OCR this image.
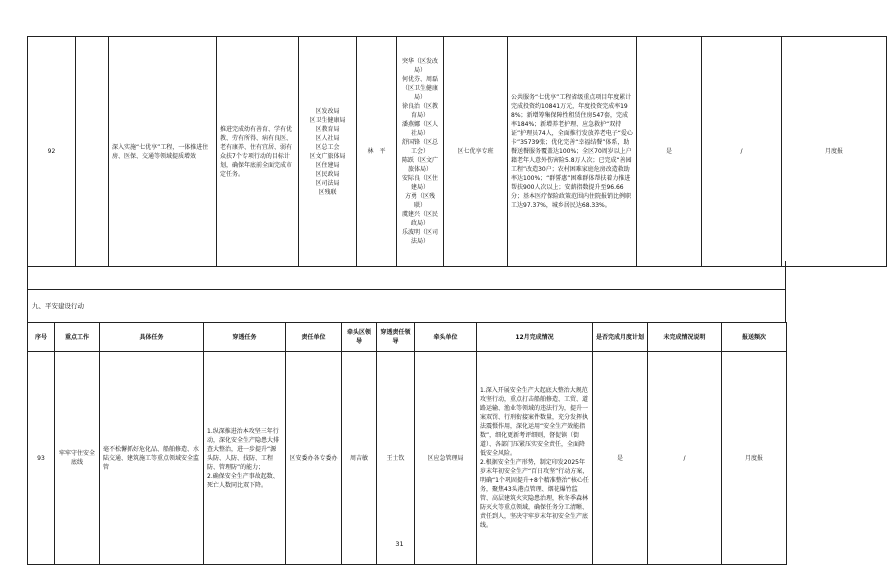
92		深入实施“七优享”工程，一体推进住房、医保、交通等领域提质增效	推进完成幼有善育、学有优教、劳有所得、病有良医、老有康养、住有宜居、弱有众扶7个专项行动的目标计划，确保年底前全面完成市定任务。	区发改局
区卫生健康局
区教育局
区人社局
区总工会
区文广旅体局
区住建局
区民政局
区司法局
区残联	林　平	突华（区发改局）
何优芬、周磊（区卫生健康局）
徐良治（区教育局）
潘燕娜（区人社局）
舒国锋（区总工会）
陈跃（区文广旅体局）
安际良（区住建局）
方勇（区残联）
虞建兴（区民政局）
乐波明（区司法局）	区七优享专班	公共服务“七优享”工程省级重点项目年度累计完成投资约10841万元，年度投资完成率198%；新增筹集保障性租赁住房547套，完成率184%；新增养老护理、应急救护“双持证”护理员74人，全面推行发放养老电子“爱心卡”35739张；优化完善“幸福结餐”体系，助餐送餐服务覆盖达100%；全区70周岁以上户籍老年人意外伤害险5.8万人次；已完成“善园工程”改造30户；农村困难家庭危房改造救助率达100%；“群誓惠”困难群体帮扶着力推进帮扶900人次以上；安薪指数提升至96.66分；基本医疗保险政策范围内住院报销比例职工达97.37%，城乡居民达68.33%。	是	/	月度报
九、平安建设行动
序号	重点工作	具体任务	穿透任务	责任单位	牵头区领导	穿透责任领导	牵头单位	12月完成情况	是否完成月度计划	未完成情况说明	报送频次
93	牢牢守住安全底线	毫不松懈抓好危化品、船舶修造、水陆交通、建筑施工等重点领域安全监管	1.纵深推进治本攻坚三年行动，深化安全生产隐患大排查大整治，进一步提升“源头防、人防、技防、工程防、管理防”的能力；
2.确保安全生产事故起数、死亡人数同比双下降。	区安委办各专委办	周吉敏	王士钦	区应急管理局	1.深入开展安全生产大起底大整治大规范攻坚行动，重点打击船舶修造、工贸、道路运输、渔业等领域的违法行为，提升一案双罚、行刑衔接案件数量，充分发挥执法震慑作用，深化运用“安全生产效能指数”，细化更新考评细则，督促镇（街道）、各部门压紧压实安全责任，全面降低安全风险。
2.根据安全生产形势，制定印发2025年岁末年初安全生产“百日攻坚”行动方案，明确“1个巩固提升+8个精准整治”核心任务，聚焦43头港点管理、烟花爆竹监管、高层建筑火灾隐患治理，秋冬季森林防灭火等重点领域，确保任务分工清晰、责任到人，坚决守牢岁末年初安全生产底线。	是	/	月度报
31
